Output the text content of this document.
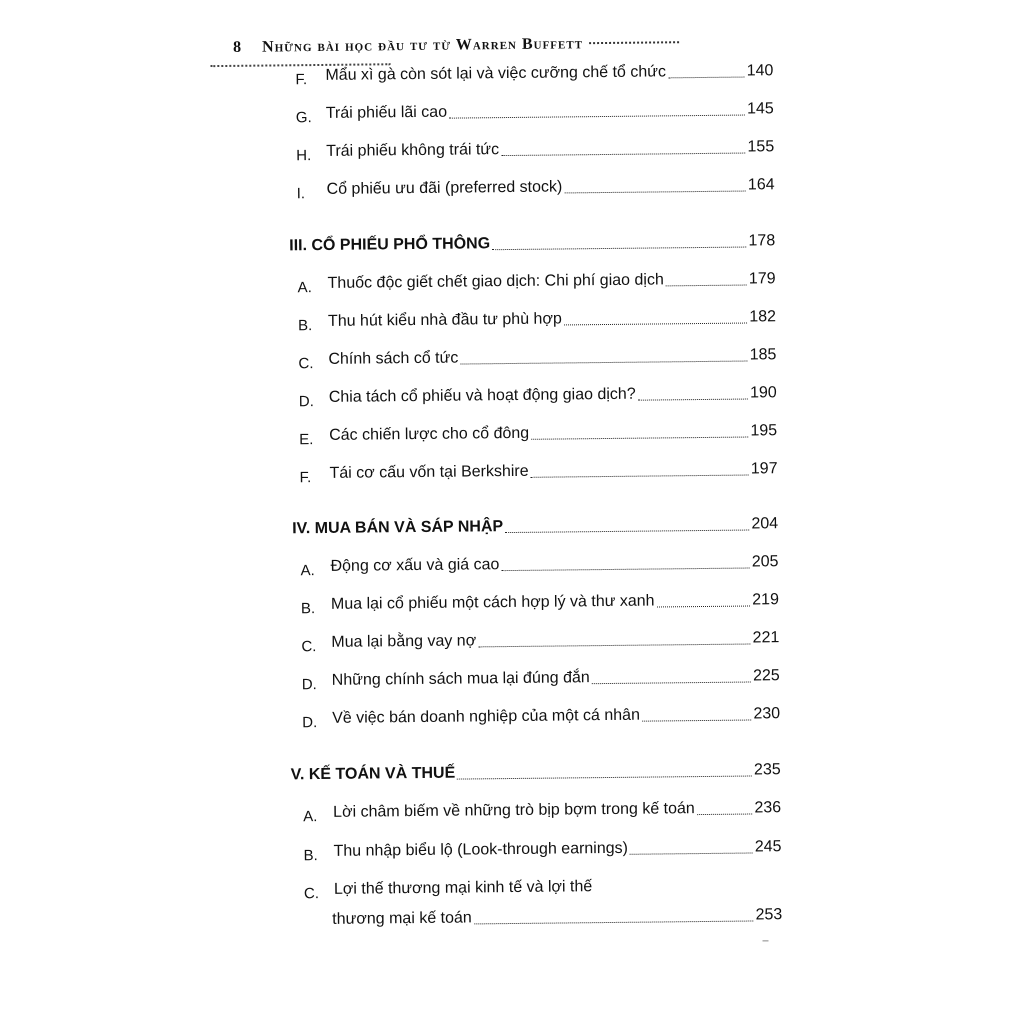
8 Những bài học đầu tư từ Warren Buffett
F.	Mẩu xì gà còn sót lại và việc cưỡng chế tổ chức	140
G. Trái phiếu lãi cao	145
H. Trái phiếu không trái tức	155
I.	Cổ phiếu ưu đãi (preferred stock)	164
III. CỔ PHIẾU PHỔ THÔNG	178
A. Thuốc độc giết chết giao dịch: Chi phí giao dịch	179
B. Thu hút kiểu nhà đầu tư phù hợp	182
C. Chính sách cổ tức	185
D. Chia tách cổ phiếu và hoạt động giao dịch?	190
E. Các chiến lược cho cổ đông	195
F.	Tái cơ cấu vốn tại Berkshire	197
IV. MUA BÁN VÀ SÁP NHẬP	204
A. Động cơ xấu và giá cao	205
B. Mua lại cổ phiếu một cách hợp lý và thư xanh	219
C. Mua lại bằng vay nợ	221
D. Những chính sách mua lại đúng đắn	225
D. Về việc bán doanh nghiệp của một cá nhân	230
V. KẾ TOÁN VÀ THUẾ	235
A. Lời châm biếm về những trò bịp bợm trong kế toán	236
B. Thu nhập biểu lộ (Look-through earnings)	245
C. Lợi thế thương mại kinh tế và lợi thế
thương mại kế toán	253
